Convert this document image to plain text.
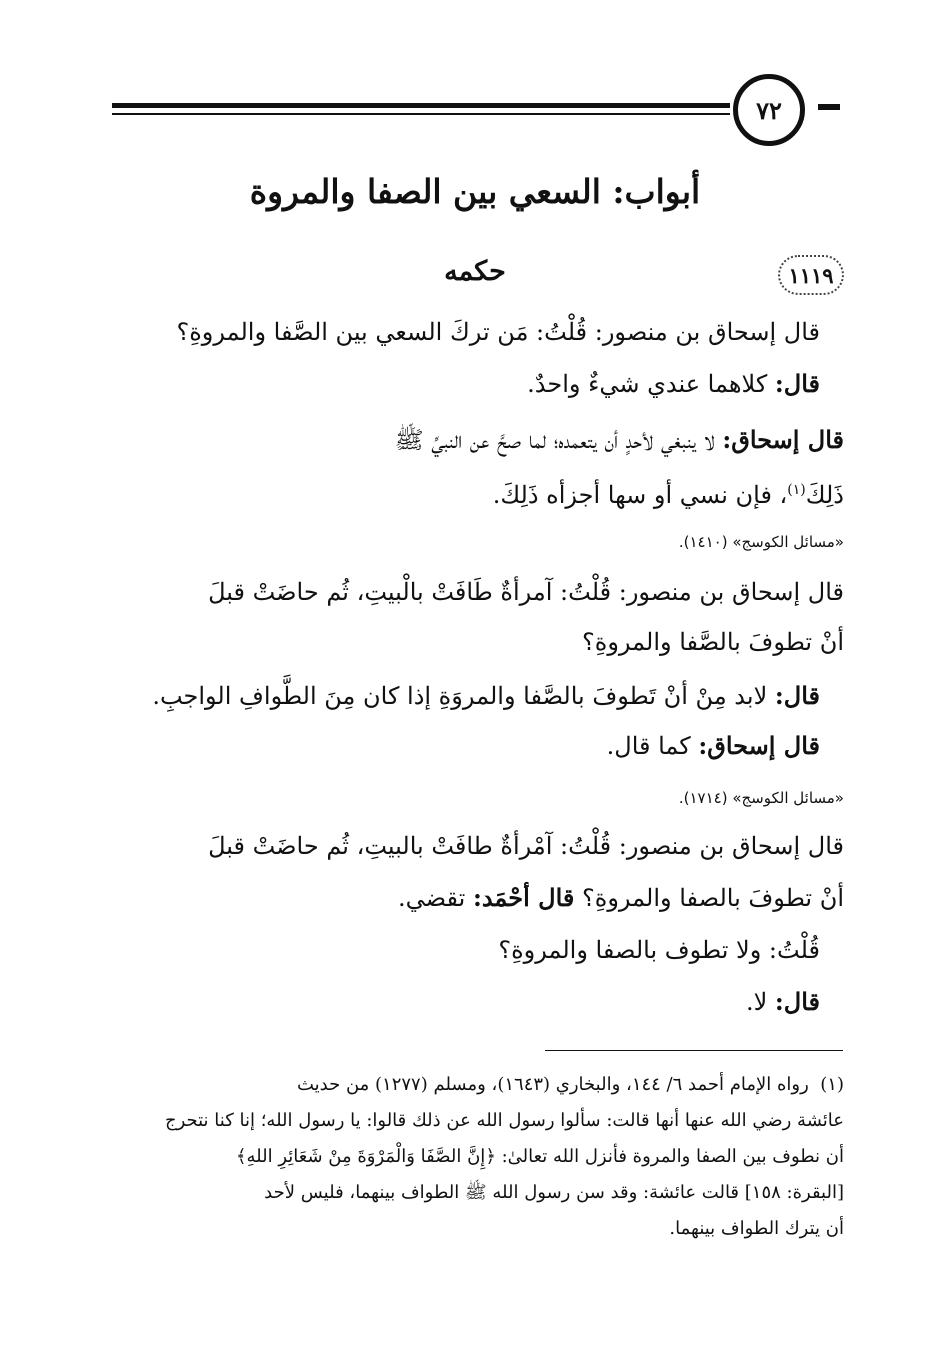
٧٢
أبواب: السعي بين الصفا والمروة
١١١٩
حكمه
قال إسحاق بن منصور: قُلْتُ: مَن تركَ السعي بين الصَّفا والمروةِ؟
قال: كلاهما عندي شيءٌ واحدٌ.
قال إسحاق: لا ينبغي لأحدٍ أن يتعمده؛ لما صحَّ عن النبيِّ ﷺ
ذَلِكَ$^{(١)}$، فإن نسي أو سها أجزأه ذَلِكَ.
«مسائل الكوسج» (١٤١٠).
قال إسحاق بن منصور: قُلْتُ: آمرأةٌ طَافَتْ بالْبيتِ، ثُم حاضَتْ قبلَ
أنْ تطوفَ بالصَّفا والمروةِ؟
قال: لابد مِنْ أنْ تَطوفَ بالصَّفا والمروَةِ إذا كان مِنَ الطَّوافِ الواجبِ.
قال إسحاق: كما قال.
«مسائل الكوسج» (١٧١٤).
قال إسحاق بن منصور: قُلْتُ: آمْرأةٌ طافَتْ بالبيتِ، ثُم حاضَتْ قبلَ
أنْ تطوفَ بالصفا والمروةِ؟ قال أحْمَد: تقضي.
قُلْتُ: ولا تطوف بالصفا والمروةِ؟
قال: لا.
(١)  رواه الإمام أحمد ٦/ ١٤٤، والبخاري (١٦٤٣)، ومسلم (١٢٧٧) من حديث
عائشة رضي الله عنها أنها قالت: سألوا رسول الله عن ذلك قالوا: يا رسول الله؛ إنا كنا نتحرج
أن نطوف بين الصفا والمروة فأنزل الله تعالىٰ: ﴿إِنَّ الصَّفَا وَالْمَرْوَةَ مِنْ شَعَائِرِ اللهِ﴾
[البقرة: ١٥٨] قالت عائشة: وقد سن رسول الله ﷺ الطواف بينهما، فليس لأحد
أن يترك الطواف بينهما.
